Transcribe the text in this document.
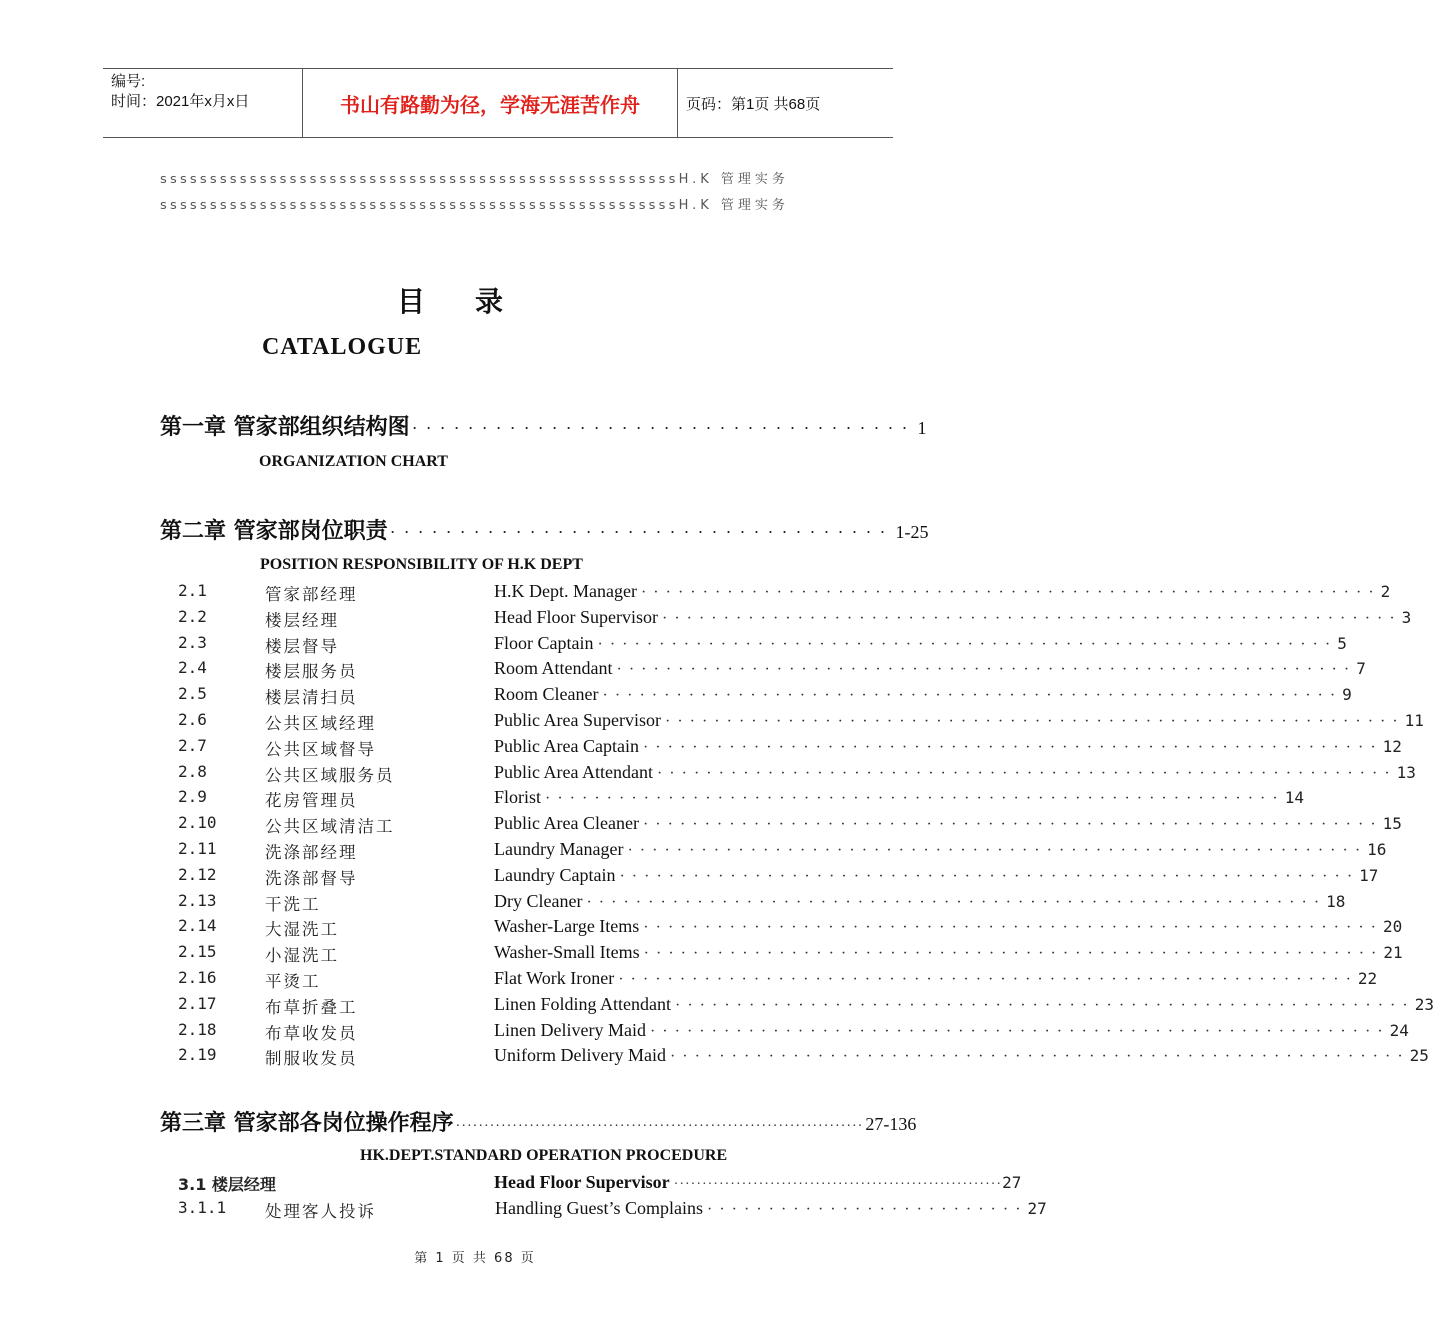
编号:
时间：2021年x月x日	书山有路勤为径，学海无涯苦作舟	页码：第1页 共68页
ꜱꜱꜱꜱꜱꜱꜱꜱꜱꜱꜱꜱꜱꜱꜱꜱꜱꜱꜱꜱꜱꜱꜱꜱꜱꜱꜱꜱꜱꜱꜱꜱꜱꜱꜱꜱꜱꜱꜱꜱꜱꜱꜱꜱꜱꜱꜱꜱꜱꜱꜱꜱH.K 管理实务
ꜱꜱꜱꜱꜱꜱꜱꜱꜱꜱꜱꜱꜱꜱꜱꜱꜱꜱꜱꜱꜱꜱꜱꜱꜱꜱꜱꜱꜱꜱꜱꜱꜱꜱꜱꜱꜱꜱꜱꜱꜱꜱꜱꜱꜱꜱꜱꜱꜱꜱꜱꜱH.K 管理实务
目录
CATALOGUE
第一章 管家部组织结构图 ···································· 1
ORGANIZATION CHART
第二章 管家部岗位职责 ···································· 1-25
POSITION RESPONSIBILITY OF H.K DEPT
2.1	管家部经理	H.K Dept. Manager ···························································· 2
2.2	楼层经理	Head Floor Supervisor ···························································· 3
2.3	楼层督导	Floor Captain ···························································· 5
2.4	楼层服务员	Room Attendant ···························································· 7
2.5	楼层清扫员	Room Cleaner ···························································· 9
2.6	公共区域经理	Public Area Supervisor ···························································· 11
2.7	公共区域督导	Public Area Captain ···························································· 12
2.8	公共区域服务员	Public Area Attendant ···························································· 13
2.9	花房管理员	Florist ···························································· 14
2.10	公共区域清洁工	Public Area Cleaner ···························································· 15
2.11	洗涤部经理	Laundry Manager ···························································· 16
2.12	洗涤部督导	Laundry Captain ···························································· 17
2.13	干洗工	Dry Cleaner ···························································· 18
2.14	大湿洗工	Washer-Large Items ···························································· 20
2.15	小湿洗工	Washer-Small Items ···························································· 21
2.16	平烫工	Flat Work Ironer ···························································· 22
2.17	布草折叠工	Linen Folding Attendant ···························································· 23
2.18	布草收发员	Linen Delivery Maid ···························································· 24
2.19	制服收发员	Uniform Delivery Maid ···························································· 25
第三章 管家部各岗位操作程序 ········································································ 27-136
HK.DEPT.STANDARD OPERATION PROCEDURE
3.1 楼层经理	Head Floor Supervisor ·························································· 27
3.1.1 处理客人投诉	Handling Guest’s Complains ·························· 27
第 1 页 共 68 页
